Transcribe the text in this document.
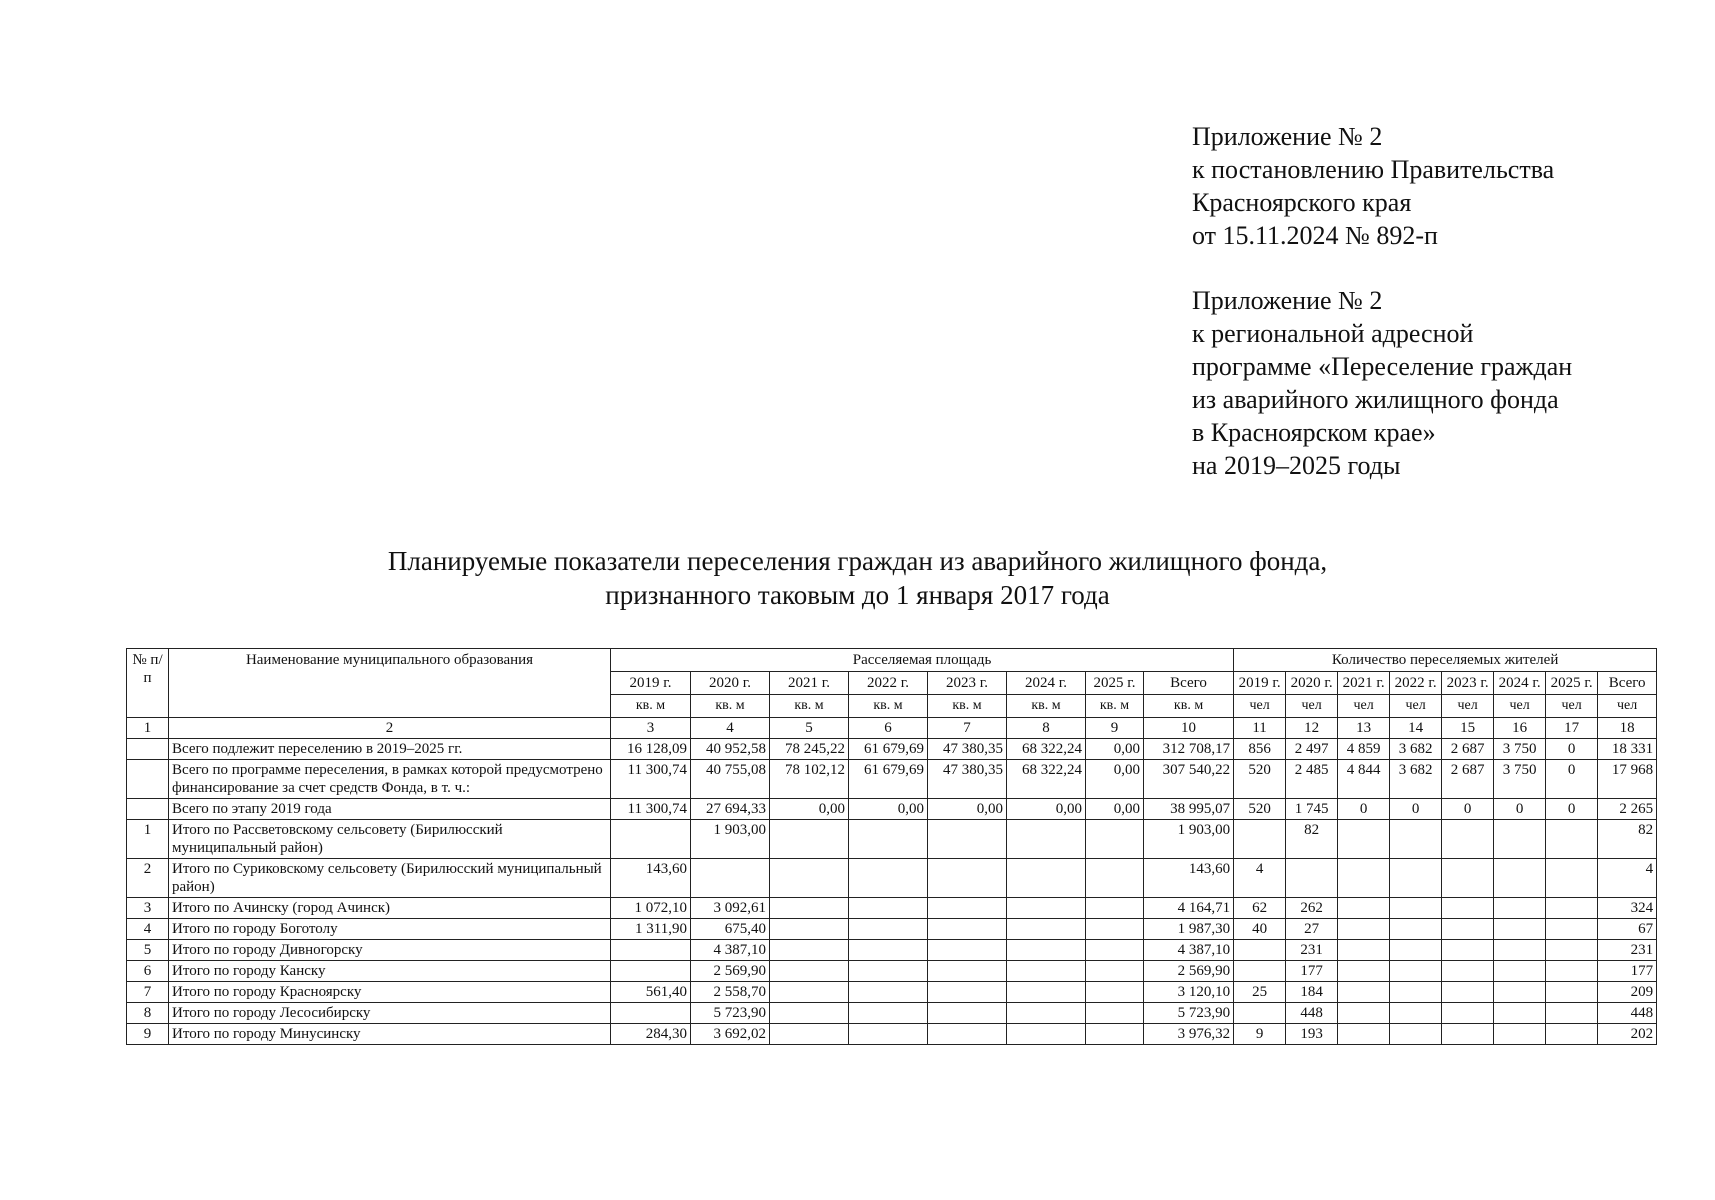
Приложение № 2
к постановлению Правительства
Красноярского края
от 15.11.2024 № 892-п
Приложение № 2
к региональной адресной
программе «Переселение граждан
из аварийного жилищного фонда
в Красноярском крае»
на 2019–2025 годы
Планируемые показатели переселения граждан из аварийного жилищного фонда,
признанного таковым до 1 января 2017 года
№ п/п	Наименование муниципального образования	Расселяемая площадь								Количество переселяемых жителей							
		2019 г.	2020 г.	2021 г.	2022 г.	2023 г.	2024 г.	2025 г.	Всего	2019 г.	2020 г.	2021 г.	2022 г.	2023 г.	2024 г.	2025 г.	Всего
		кв. м	кв. м	кв. м	кв. м	кв. м	кв. м	кв. м	кв. м	чел	чел	чел	чел	чел	чел	чел	чел
1	2	3	4	5	6	7	8	9	10	11	12	13	14	15	16	17	18
	Всего подлежит переселению в 2019–2025 гг.	16 128,09	40 952,58	78 245,22	61 679,69	47 380,35	68 322,24	0,00	312 708,17	856	2 497	4 859	3 682	2 687	3 750	0	18 331
	Всего по программе переселения, в рамках которой предусмотрено финансирование за счет средств Фонда, в т. ч.:	11 300,74	40 755,08	78 102,12	61 679,69	47 380,35	68 322,24	0,00	307 540,22	520	2 485	4 844	3 682	2 687	3 750	0	17 968
	Всего по этапу 2019 года	11 300,74	27 694,33	0,00	0,00	0,00	0,00	0,00	38 995,07	520	1 745	0	0	0	0	0	2 265
1	Итого по Рассветовскому сельсовету (Бирилюсский муниципальный район)		1 903,00						1 903,00		82						82
2	Итого по Суриковскому сельсовету (Бирилюсский муниципальный район)	143,60							143,60	4							4
3	Итого по Ачинску (город Ачинск)	1 072,10	3 092,61						4 164,71	62	262						324
4	Итого по городу Боготолу	1 311,90	675,40						1 987,30	40	27						67
5	Итого по городу Дивногорску		4 387,10						4 387,10		231						231
6	Итого по городу Канску		2 569,90						2 569,90		177						177
7	Итого по городу Красноярску	561,40	2 558,70						3 120,10	25	184						209
8	Итого по городу Лесосибирску		5 723,90						5 723,90		448						448
9	Итого по городу Минусинску	284,30	3 692,02						3 976,32	9	193						202
